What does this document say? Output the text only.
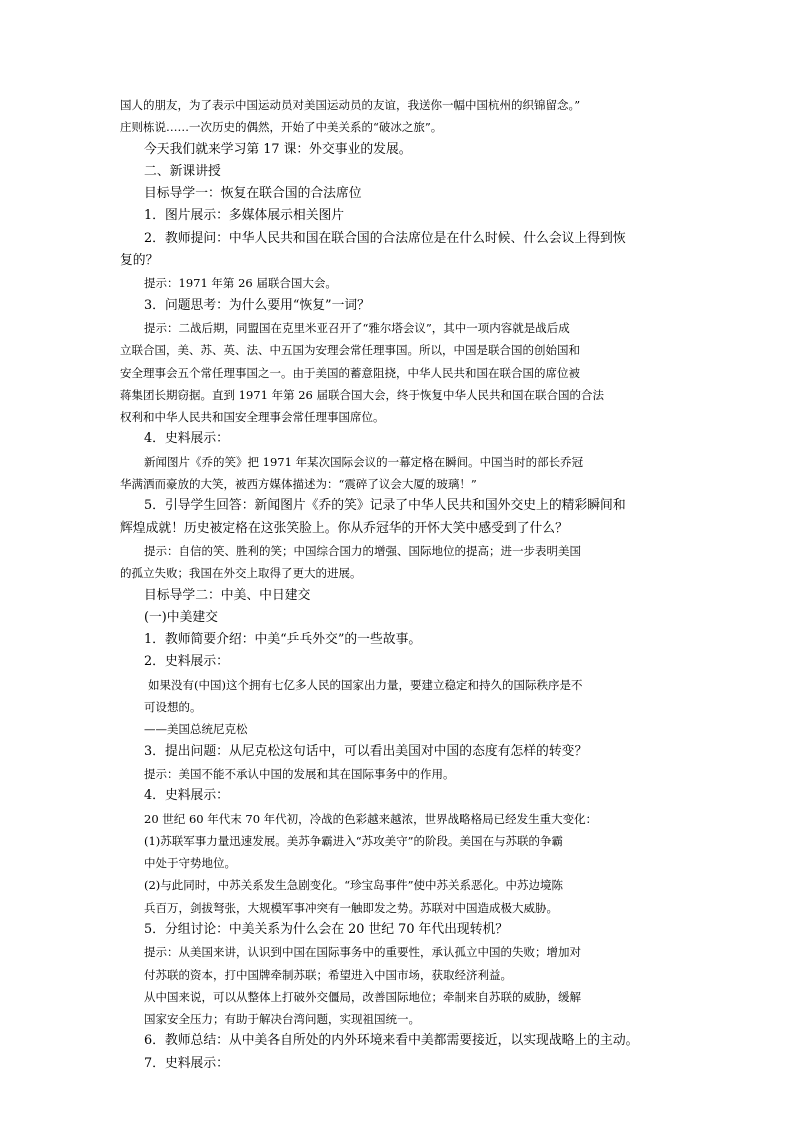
国人的朋友，为了表示中国运动员对美国运动员的友谊，我送你一幅中国杭州的织锦留念。”
庄则栋说……一次历史的偶然，开始了中美关系的“破冰之旅”。
今天我们就来学习第 17 课：外交事业的发展。
二、新课讲授
目标导学一：恢复在联合国的合法席位
1．图片展示：多媒体展示相关图片
2．教师提问：中华人民共和国在联合国的合法席位是在什么时候、什么会议上得到恢
复的？
提示：1971 年第 26 届联合国大会。
3．问题思考：为什么要用“恢复”一词？
提示：二战后期，同盟国在克里米亚召开了“雅尔塔会议”，其中一项内容就是战后成
立联合国，美、苏、英、法、中五国为安理会常任理事国。所以，中国是联合国的创始国和
安全理事会五个常任理事国之一。由于美国的蓄意阻挠，中华人民共和国在联合国的席位被
蒋集团长期窃据。直到 1971 年第 26 届联合国大会，终于恢复中华人民共和国在联合国的合法
权利和中华人民共和国安全理事会常任理事国席位。
4．史料展示：
新闻图片《乔的笑》把 1971 年某次国际会议的一幕定格在瞬间。中国当时的部长乔冠
华满洒而豪放的大笑，被西方媒体描述为：“震碎了议会大厦的玻璃！”
5．引导学生回答：新闻图片《乔的笑》记录了中华人民共和国外交史上的精彩瞬间和
辉煌成就！历史被定格在这张笑脸上。你从乔冠华的开怀大笑中感受到了什么？
提示：自信的笑、胜利的笑；中国综合国力的增强、国际地位的提高；进一步表明美国
的孤立失败；我国在外交上取得了更大的进展。
目标导学二：中美、中日建交
(一)中美建交
1．教师简要介绍：中美“乒乓外交”的一些故事。
2．史料展示：
如果没有(中国)这个拥有七亿多人民的国家出力量，要建立稳定和持久的国际秩序是不
可设想的。
——美国总统尼克松
3．提出问题：从尼克松这句话中，可以看出美国对中国的态度有怎样的转变？
提示：美国不能不承认中国的发展和其在国际事务中的作用。
4．史料展示：
20 世纪 60 年代末 70 年代初，冷战的色彩越来越浓，世界战略格局已经发生重大变化：
(1)苏联军事力量迅速发展。美苏争霸进入“苏攻美守”的阶段。美国在与苏联的争霸
中处于守势地位。
(2)与此同时，中苏关系发生急剧变化。“珍宝岛事件”使中苏关系恶化。中苏边境陈
兵百万，剑拔弩张，大规模军事冲突有一触即发之势。苏联对中国造成极大威胁。
5．分组讨论：中美关系为什么会在 20 世纪 70 年代出现转机？
提示：从美国来讲，认识到中国在国际事务中的重要性，承认孤立中国的失败；增加对
付苏联的资本，打中国牌牵制苏联；希望进入中国市场，获取经济利益。
从中国来说，可以从整体上打破外交僵局，改善国际地位；牵制来自苏联的威胁，缓解
国家安全压力；有助于解决台湾问题，实现祖国统一。
6．教师总结：从中美各自所处的内外环境来看中美都需要接近，以实现战略上的主动。
7．史料展示：
